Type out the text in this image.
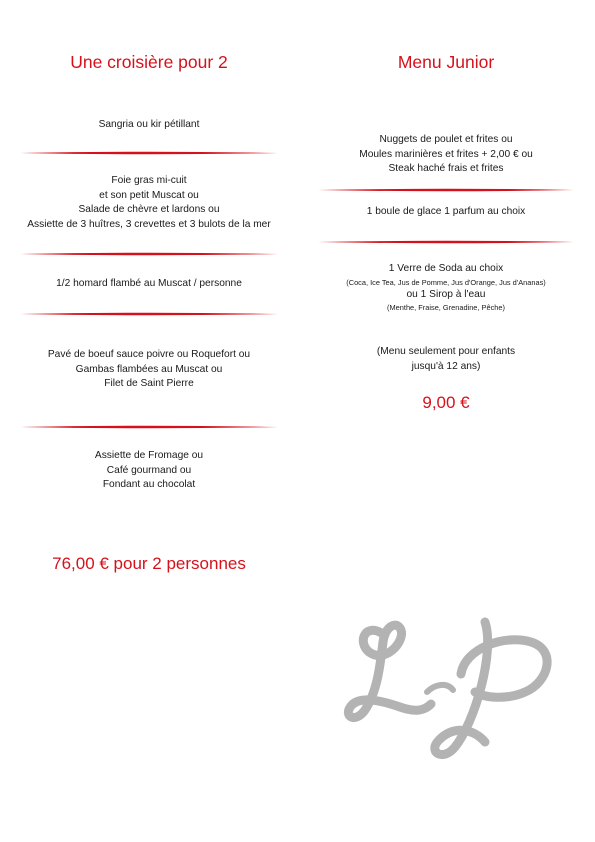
Une croisière pour 2
Sangria ou kir pétillant
Foie gras mi-cuit
et son petit Muscat ou
Salade de chèvre et lardons ou
Assiette de 3 huîtres, 3 crevettes et 3 bulots de la mer
1/2 homard flambé au Muscat / personne
Pavé de boeuf sauce poivre ou Roquefort ou
Gambas flambées au Muscat ou
Filet de Saint Pierre
Assiette de Fromage ou
Café gourmand ou
Fondant au chocolat
76,00 € pour 2 personnes
Menu Junior
Nuggets de poulet et frites ou
Moules marinières et frites + 2,00 € ou
Steak haché frais et frites
1 boule de glace 1 parfum au choix
1 Verre de Soda au choix
(Coca, Ice Tea, Jus de Pomme, Jus d'Orange, Jus d'Ananas)
ou 1 Sirop à l'eau
(Menthe, Fraise, Grenadine, Pêche)
(Menu seulement pour enfants
jusqu'à 12 ans)
9,00 €
